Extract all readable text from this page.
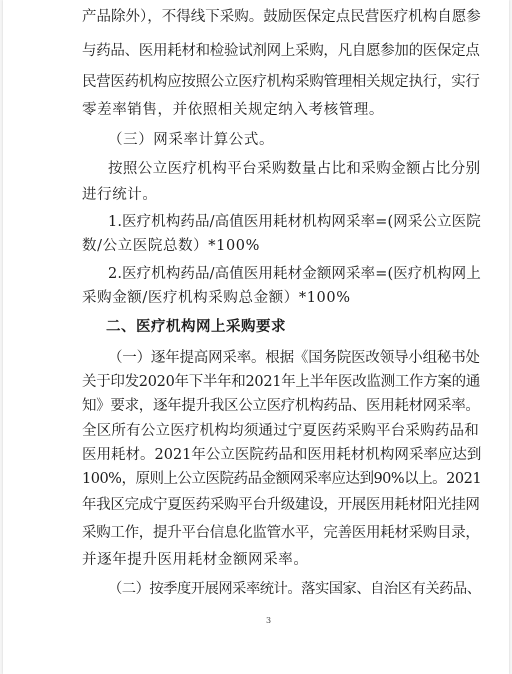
产品除外），不得线下采购。鼓励医保定点民营医疗机构自愿参
与药品、医用耗材和检验试剂网上采购，凡自愿参加的医保定点
民营医药机构应按照公立医疗机构采购管理相关规定执行，实行
零差率销售，并依照相关规定纳入考核管理。
（三）网采率计算公式。
按照公立医疗机构平台采购数量占比和采购金额占比分别
进行统计。
1.医疗机构药品/高值医用耗材机构网采率=(网采公立医院
数/公立医院总数）*100%
2.医疗机构药品/高值医用耗材金额网采率=(医疗机构网上
采购金额/医疗机构采购总金额）*100%
二、医疗机构网上采购要求
（一）逐年提高网采率。根据《国务院医改领导小组秘书处
关于印发2020年下半年和2021年上半年医改监测工作方案的通
知》要求，逐年提升我区公立医疗机构药品、医用耗材网采率。
全区所有公立医疗机构均须通过宁夏医药采购平台采购药品和
医用耗材。2021年公立医院药品和医用耗材机构网采率应达到
100%，原则上公立医院药品金额网采率应达到90%以上。2021
年我区完成宁夏医药采购平台升级建设，开展医用耗材阳光挂网
采购工作，提升平台信息化监管水平，完善医用耗材采购目录，
并逐年提升医用耗材金额网采率。
（二）按季度开展网采率统计。落实国家、自治区有关药品、
3
